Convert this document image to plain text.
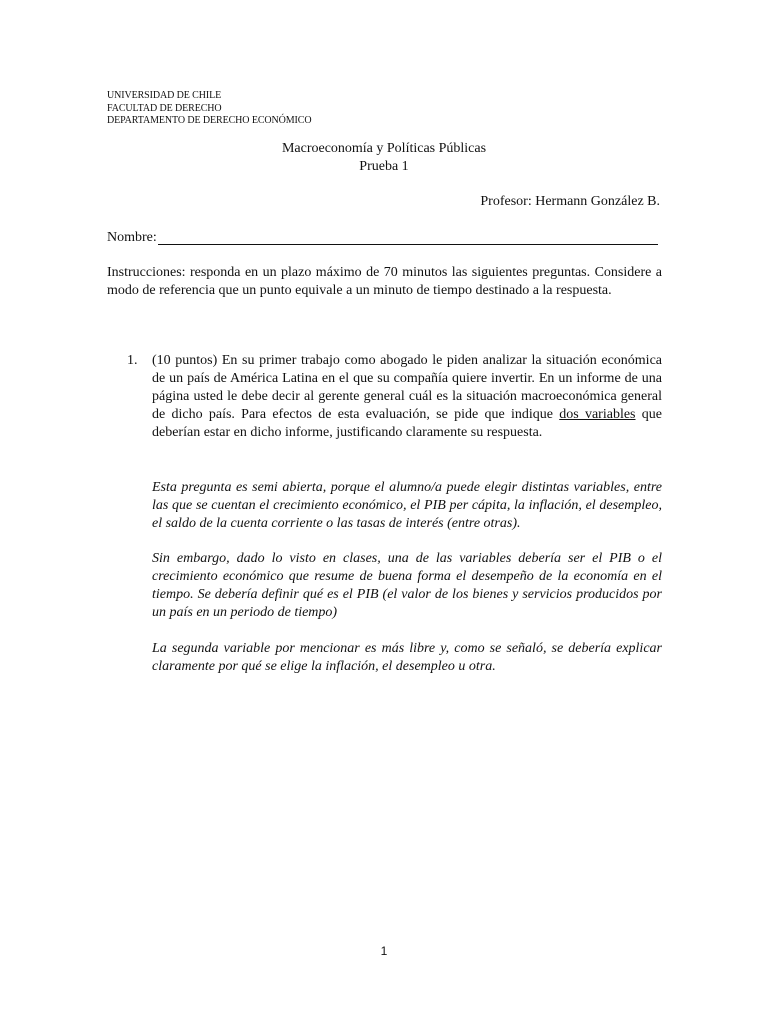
UNIVERSIDAD DE CHILE
FACULTAD DE DERECHO
DEPARTAMENTO DE DERECHO ECONÓMICO
Macroeconomía y Políticas Públicas
Prueba 1
Profesor: Hermann González B.
Nombre:
Instrucciones: responda en un plazo máximo de 70 minutos las siguientes preguntas. Considere a modo de referencia que un punto equivale a un minuto de tiempo destinado a la respuesta.
1. (10 puntos) En su primer trabajo como abogado le piden analizar la situación económica de un país de América Latina en el que su compañía quiere invertir. En un informe de una página usted le debe decir al gerente general cuál es la situación macroeconómica general de dicho país. Para efectos de esta evaluación, se pide que indique dos variables que deberían estar en dicho informe, justificando claramente su respuesta.
Esta pregunta es semi abierta, porque el alumno/a puede elegir distintas variables, entre las que se cuentan el crecimiento económico, el PIB per cápita, la inflación, el desempleo, el saldo de la cuenta corriente o las tasas de interés (entre otras).
Sin embargo, dado lo visto en clases, una de las variables debería ser el PIB o el crecimiento económico que resume de buena forma el desempeño de la economía en el tiempo. Se debería definir qué es el PIB (el valor de los bienes y servicios producidos por un país en un periodo de tiempo)
La segunda variable por mencionar es más libre y, como se señaló, se debería explicar claramente por qué se elige la inflación, el desempleo u otra.
1
